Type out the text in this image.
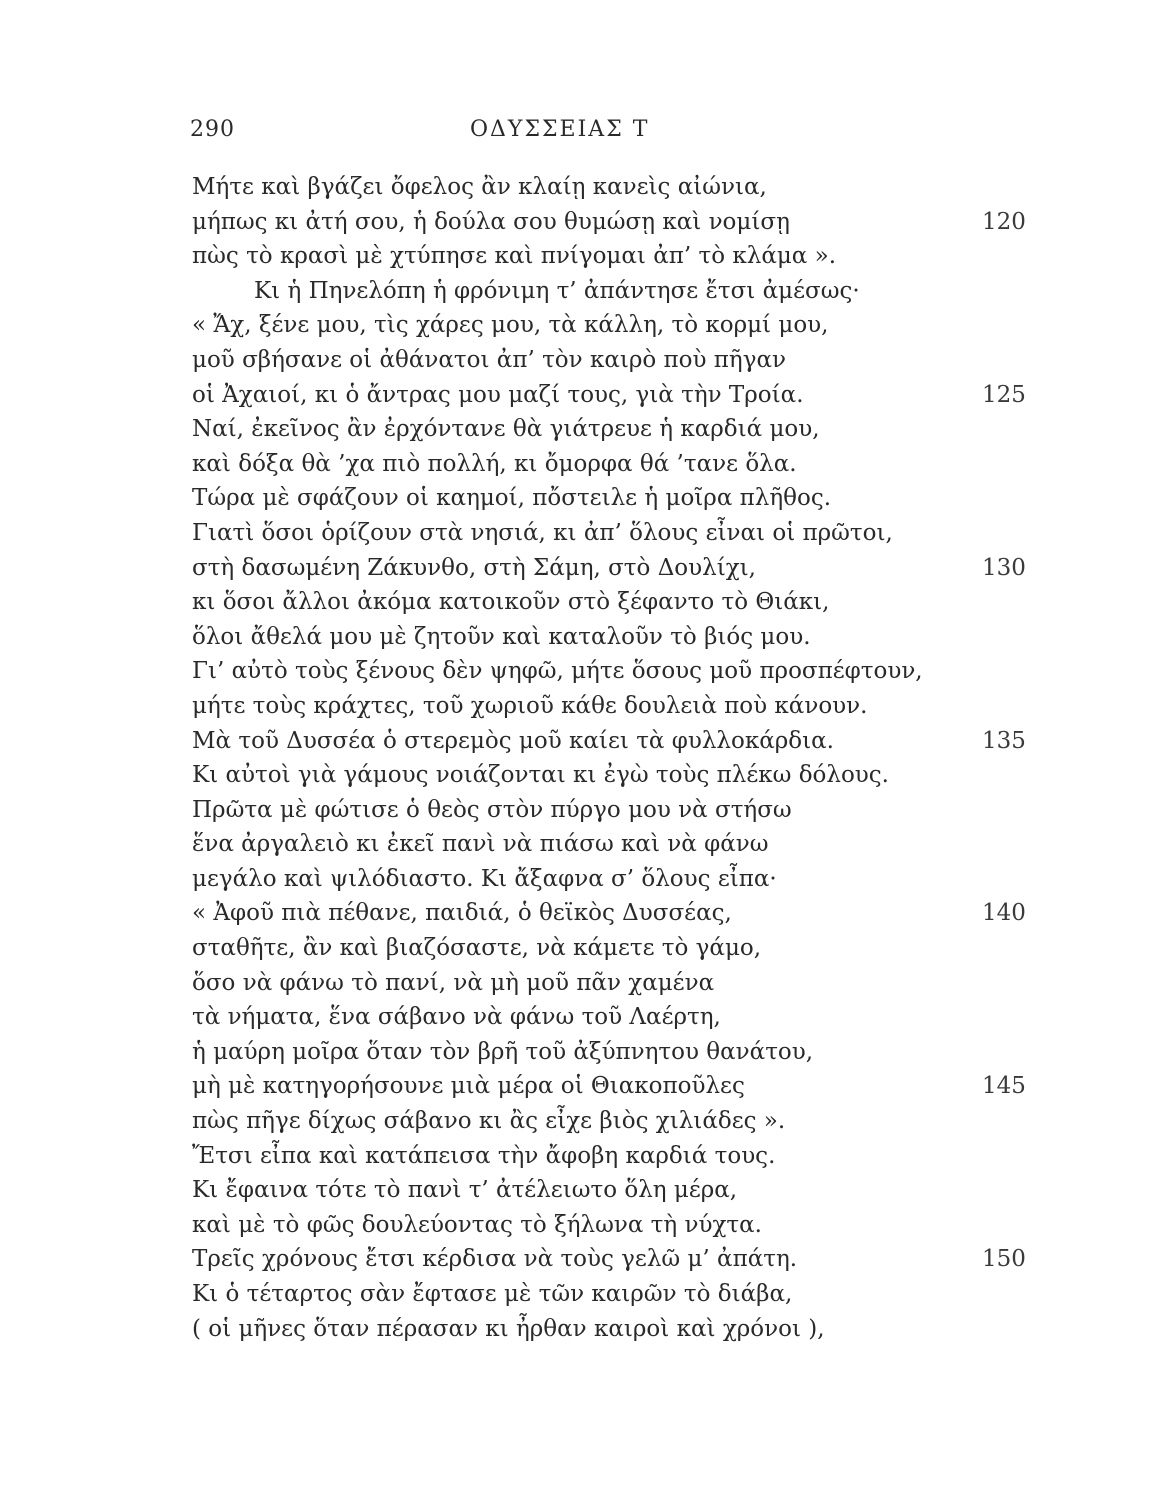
290	ΟΔΥΣΣΕΙΑΣ Τ
Μήτε καὶ βγάζει ὄφελος ἂν κλαίῃ κανεὶς αἰώνια,
μήπως κι ἀτή σου, ἡ δούλα σου θυμώσῃ καὶ νομίσῃ	120
πὼς τὸ κρασὶ μὲ χτύπησε καὶ πνίγομαι ἀπ’ τὸ κλάμα ».
Κι ἡ Πηνελόπη ἡ φρόνιμη τ’ ἀπάντησε ἔτσι ἀμέσως·
« Ἄχ, ξένε μου, τὶς χάρες μου, τὰ κάλλη, τὸ κορμί μου,
μοῦ σβήσανε οἱ ἀθάνατοι ἀπ’ τὸν καιρὸ ποὺ πῆγαν
οἱ Ἀχαιοί, κι ὁ ἄντρας μου μαζί τους, γιὰ τὴν Τροία.	125
Ναί, ἐκεῖνος ἂν ἐρχόντανε θὰ γιάτρευε ἡ καρδιά μου,
καὶ δόξα θὰ ’χα πιὸ πολλή, κι ὄμορφα θά ’τανε ὅλα.
Τώρα μὲ σφάζουν οἱ καημοί, πὄστειλε ἡ μοῖρα πλῆθος.
Γιατὶ ὅσοι ὁρίζουν στὰ νησιά, κι ἀπ’ ὅλους εἶναι οἱ πρῶτοι,
στὴ δασωμένη Ζάκυνθο, στὴ Σάμη, στὸ Δουλίχι,	130
κι ὅσοι ἄλλοι ἀκόμα κατοικοῦν στὸ ξέφαντο τὸ Θιάκι,
ὅλοι ἄθελά μου μὲ ζητοῦν καὶ καταλοῦν τὸ βιός μου.
Γι’ αὐτὸ τοὺς ξένους δὲν ψηφῶ, μήτε ὅσους μοῦ προσπέφτουν,
μήτε τοὺς κράχτες, τοῦ χωριοῦ κάθε δουλειὰ ποὺ κάνουν.
Μὰ τοῦ Δυσσέα ὁ στερεμὸς μοῦ καίει τὰ φυλλοκάρδια.	135
Κι αὐτοὶ γιὰ γάμους νοιάζονται κι ἐγὼ τοὺς πλέκω δόλους.
Πρῶτα μὲ φώτισε ὁ θεὸς στὸν πύργο μου νὰ στήσω
ἕνα ἀργαλειὸ κι ἐκεῖ πανὶ νὰ πιάσω καὶ νὰ φάνω
μεγάλο καὶ ψιλόδιαστο. Κι ἄξαφνα σ’ ὅλους εἶπα·
« Ἀφοῦ πιὰ πέθανε, παιδιά, ὁ θεϊκὸς Δυσσέας,	140
σταθῆτε, ἂν καὶ βιαζόσαστε, νὰ κάμετε τὸ γάμο,
ὅσο νὰ φάνω τὸ πανί, νὰ μὴ μοῦ πᾶν χαμένα
τὰ νήματα, ἕνα σάβανο νὰ φάνω τοῦ Λαέρτη,
ἡ μαύρη μοῖρα ὅταν τὸν βρῆ τοῦ ἀξύπνητου θανάτου,
μὴ μὲ κατηγορήσουνε μιὰ μέρα οἱ Θιακοποῦλες	145
πὼς πῆγε δίχως σάβανο κι ἂς εἶχε βιὸς χιλιάδες ».
Ἔτσι εἶπα καὶ κατάπεισα τὴν ἄφοβη καρδιά τους.
Κι ἔφαινα τότε τὸ πανὶ τ’ ἀτέλειωτο ὅλη μέρα,
καὶ μὲ τὸ φῶς δουλεύοντας τὸ ξήλωνα τὴ νύχτα.
Τρεῖς χρόνους ἔτσι κέρδισα νὰ τοὺς γελῶ μ’ ἀπάτη.	150
Κι ὁ τέταρτος σὰν ἔφτασε μὲ τῶν καιρῶν τὸ διάβα,
( οἱ μῆνες ὅταν πέρασαν κι ἦρθαν καιροὶ καὶ χρόνοι ),
